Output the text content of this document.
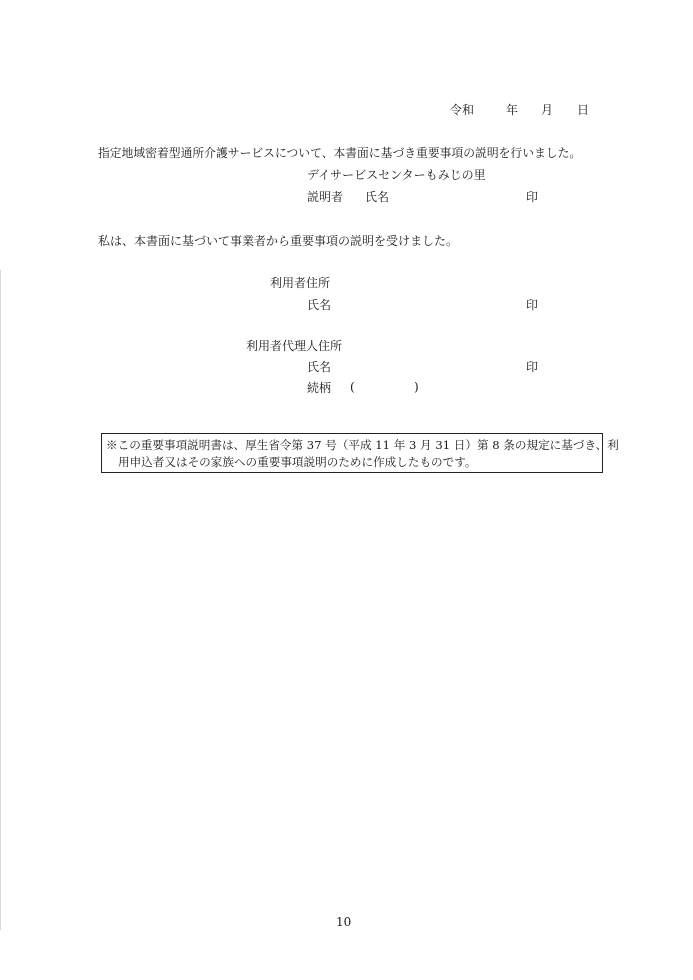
令和	年 月 日
指定地域密着型通所介護サービスについて、本書面に基づき重要事項の説明を行いました。
デイサービスセンターもみじの里
説明者 氏名	印
私は、本書面に基づいて事業者から重要事項の説明を受けました。
利用者住所
氏名	印
利用者代理人住所
氏名	印
続柄 (	)
※この重要事項説明書は、厚生省令第 37 号（平成 11 年 3 月 31 日）第 8 条の規定に基づき、利
用申込者又はその家族への重要事項説明のために作成したものです。
10
